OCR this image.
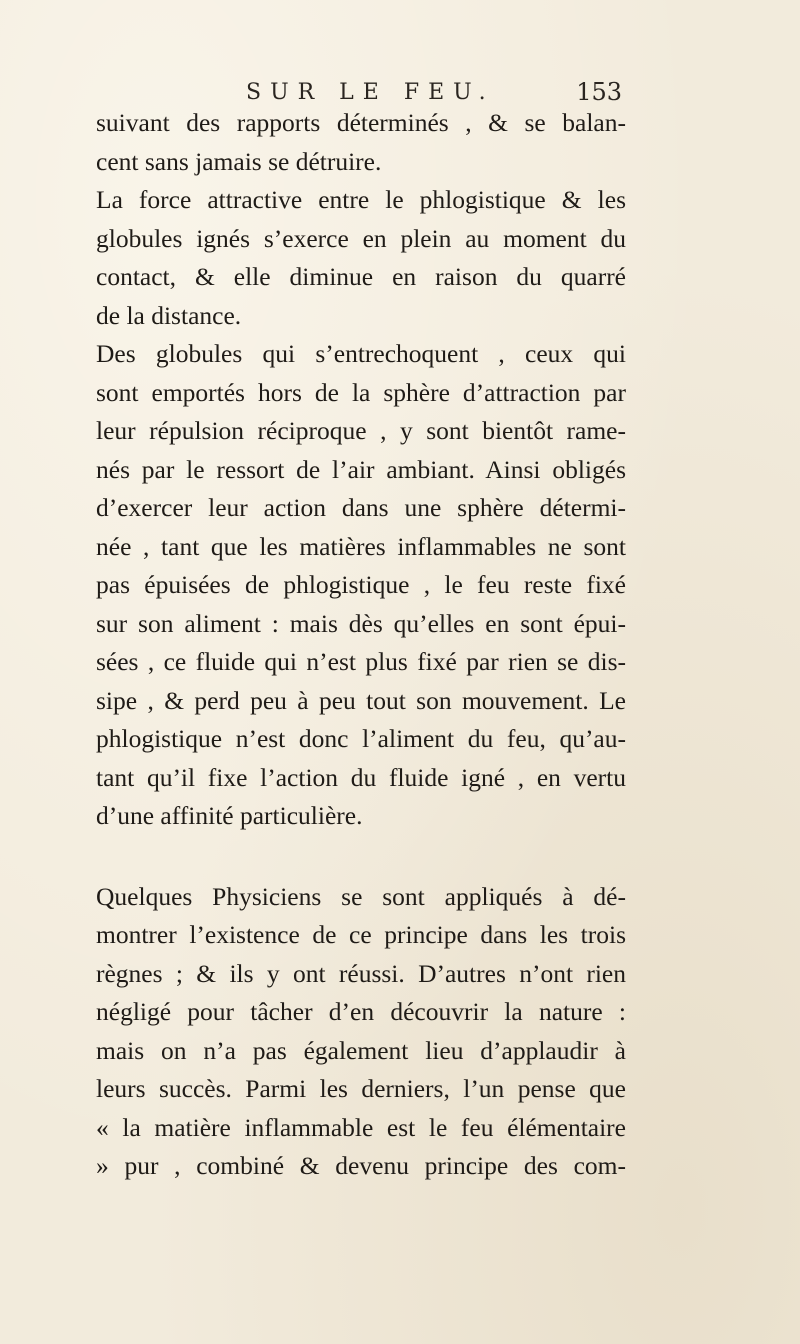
SUR LE FEU.	153
suivant des rapports déterminés , & se balan-
cent sans jamais se détruire.
La force attractive entre le phlogistique & les
globules ignés s’exerce en plein au moment du
contact, & elle diminue en raison du quarré
de la distance.
Des globules qui s’entrechoquent , ceux qui
sont emportés hors de la sphère d’attraction par
leur répulsion réciproque , y sont bientôt rame-
nés par le ressort de l’air ambiant. Ainsi obligés
d’exercer leur action dans une sphère détermi-
née , tant que les matières inflammables ne sont
pas épuisées de phlogistique , le feu reste fixé
sur son aliment : mais dès qu’elles en sont épui-
sées , ce fluide qui n’est plus fixé par rien se dis-
sipe , & perd peu à peu tout son mouvement. Le
phlogistique n’est donc l’aliment du feu, qu’au-
tant qu’il fixe l’action du fluide igné , en vertu
d’une affinité particulière.
Quelques Physiciens se sont appliqués à dé-
montrer l’existence de ce principe dans les trois
règnes ; & ils y ont réussi. D’autres n’ont rien
négligé pour tâcher d’en découvrir la nature :
mais on n’a pas également lieu d’applaudir à
leurs succès. Parmi les derniers, l’un pense que
« la matière inflammable est le feu élémentaire
» pur , combiné & devenu principe des com-
